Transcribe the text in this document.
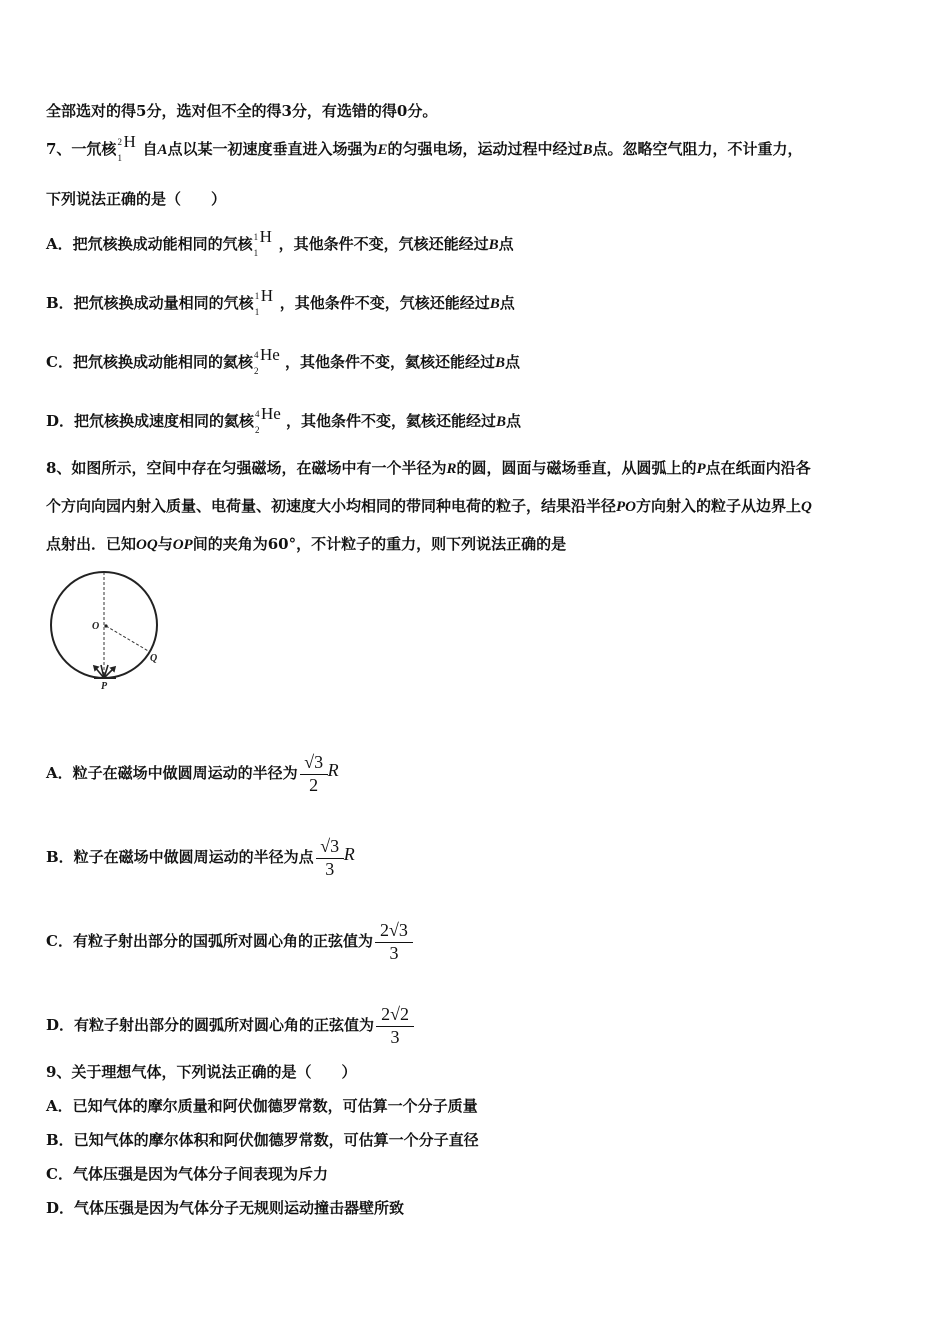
全部选对的得5分，选对但不全的得3分，有选错的得0分。
7、一氘核 2
1
H 自A点以某一初速度垂直进入场强为E的匀强电场，运动过程中经过B点。忽略空气阻力，不计重力，
下列说法正确的是（　　）
A．把氘核换成动能相同的氕核 1
1
H ，其他条件不变，氕核还能经过B点
B．把氘核换成动量相同的氕核 1
1
H ，其他条件不变，氕核还能经过B点
C．把氘核换成动能相同的氦核 4
2
He ，其他条件不变，氦核还能经过B点
D．把氘核换成速度相同的氦核 4
2
He ，其他条件不变，氦核还能经过B点
8、如图所示，空间中存在匀强磁场，在磁场中有一个半径为R的圆，圆面与磁场垂直，从圆弧上的P点在纸面内沿各
个方向向园内射入质量、电荷量、初速度大小均相同的带同种电荷的粒子，结果沿半径PO方向射入的粒子从边界上Q
点射出．已知OQ与OP间的夹角为60°，不计粒子的重力，则下列说法正确的是
O
Q
P
A．粒子在磁场中做圆周运动的半径为 $\frac{√3}{2}$ R
B．粒子在磁场中做圆周运动的半径为点 $\frac{√3}{3}$ R
C．有粒子射出部分的国弧所对圆心角的正弦值为 $\frac{2√3}{3}$
D．有粒子射出部分的圆弧所对圆心角的正弦值为 $\frac{2√2}{3}$
9、关于理想气体，下列说法正确的是（　　）
A．已知气体的摩尔质量和阿伏伽德罗常数，可估算一个分子质量
B．已知气体的摩尔体积和阿伏伽德罗常数，可估算一个分子直径
C．气体压强是因为气体分子间表现为斥力
D．气体压强是因为气体分子无规则运动撞击器壁所致
